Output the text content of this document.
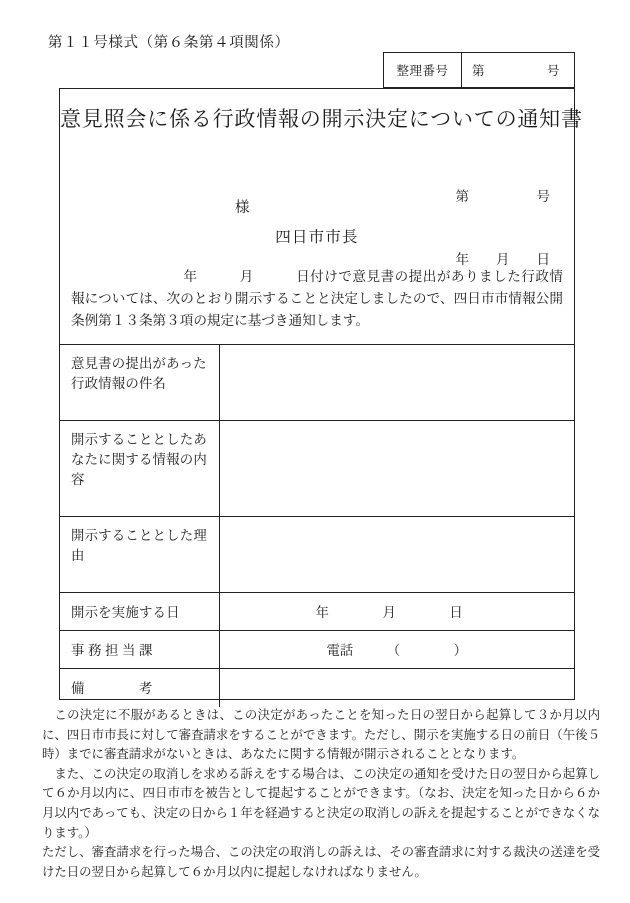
第１１号様式（第６条第４項関係）
整理番号	第　　　　　号
意見照会に係る行政情報の開示決定についての通知書

第　　　　　号

年　　月　　日

様
四日市市長
年　　　月　　　日付けで意見書の提出がありました行政情報については、次のとおり開示することと決定しましたので、四日市市情報公開条例第１３条第３項の規定に基づき通知します。
意見書の提出があった行政情報の件名	

開示することとしたあなたに関する情報の内容	

開示することとした理由	

開示を実施する日	年　　　　月　　　　日

事務担当課	電話　　　（　　　　）

備　　　考	

この決定に不服があるときは、この決定があったことを知った日の翌日から起算して３か月以内に、四日市市長に対して審査請求をすることができます。ただし、開示を実施する日の前日（午後５時）までに審査請求がないときは、あなたに関する情報が開示されることとなります。

また、この決定の取消しを求める訴えをする場合は、この決定の通知を受けた日の翌日から起算して６か月以内に、四日市市を被告として提起することができます。（なお、決定を知った日から６か月以内であっても、決定の日から１年を経過すると決定の取消しの訴えを提起することができなくなります。）

ただし、審査請求を行った場合、この決定の取消しの訴えは、その審査請求に対する裁決の送達を受けた日の翌日から起算して６か月以内に提起しなければなりません。
